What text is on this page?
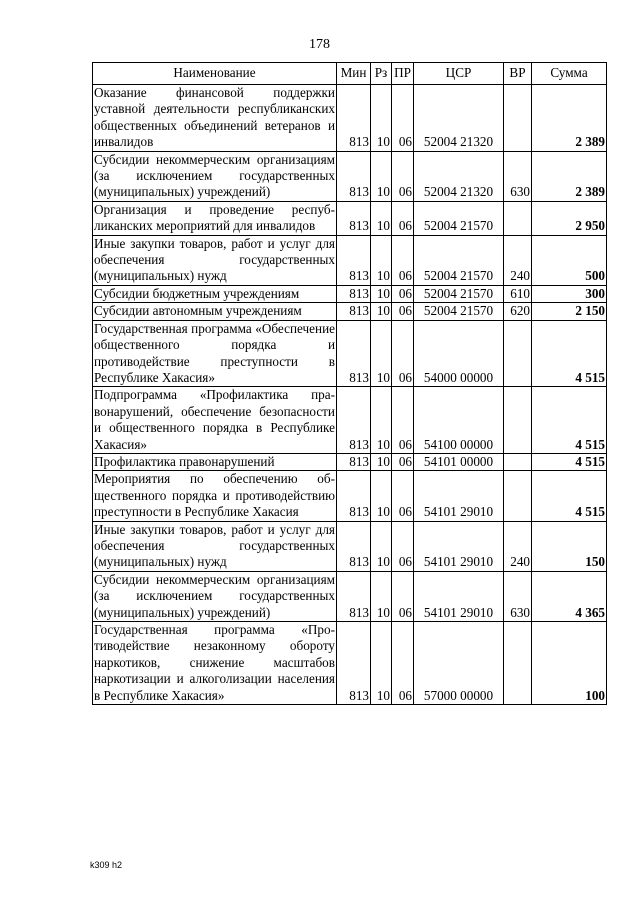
178
Наименование	Мин	Рз	ПР	ЦСР	ВР	Сумма
Оказание финансовой поддержки уставной деятельности республиканских общественных объединений ветеранов и инвалидов	813	10	06	52004 21320		2 389
Субсидии некоммерческим организациям (за исключением государственных (муниципальных) учреждений)	813	10	06	52004 21320	630	2 389
Организация и проведение республиканских мероприятий для инвалидов	813	10	06	52004 21570		2 950
Иные закупки товаров, работ и услуг для обеспечения государственных (муниципальных) нужд	813	10	06	52004 21570	240	500
Субсидии бюджетным учреждениям	813	10	06	52004 21570	610	300
Субсидии автономным учреждениям	813	10	06	52004 21570	620	2 150
Государственная программа «Обеспечение общественного порядка и противодействие преступности в Республике Хакасия»	813	10	06	54000 00000		4 515
Подпрограмма «Профилактика правонарушений, обеспечение безопасности и общественного порядка в Республике Хакасия»	813	10	06	54100 00000		4 515
Профилактика правонарушений	813	10	06	54101 00000		4 515
Мероприятия по обеспечению общественного порядка и противодействию преступности в Республике Хакасия	813	10	06	54101 29010		4 515
Иные закупки товаров, работ и услуг для обеспечения государственных (муниципальных) нужд	813	10	06	54101 29010	240	150
Субсидии некоммерческим организациям (за исключением государственных (муниципальных) учреждений)	813	10	06	54101 29010	630	4 365
Государственная программа «Противодействие незаконному обороту наркотиков, снижение масштабов наркотизации и алкоголизации населения в Республике Хакасия»	813	10	06	57000 00000		100
k309 h2
